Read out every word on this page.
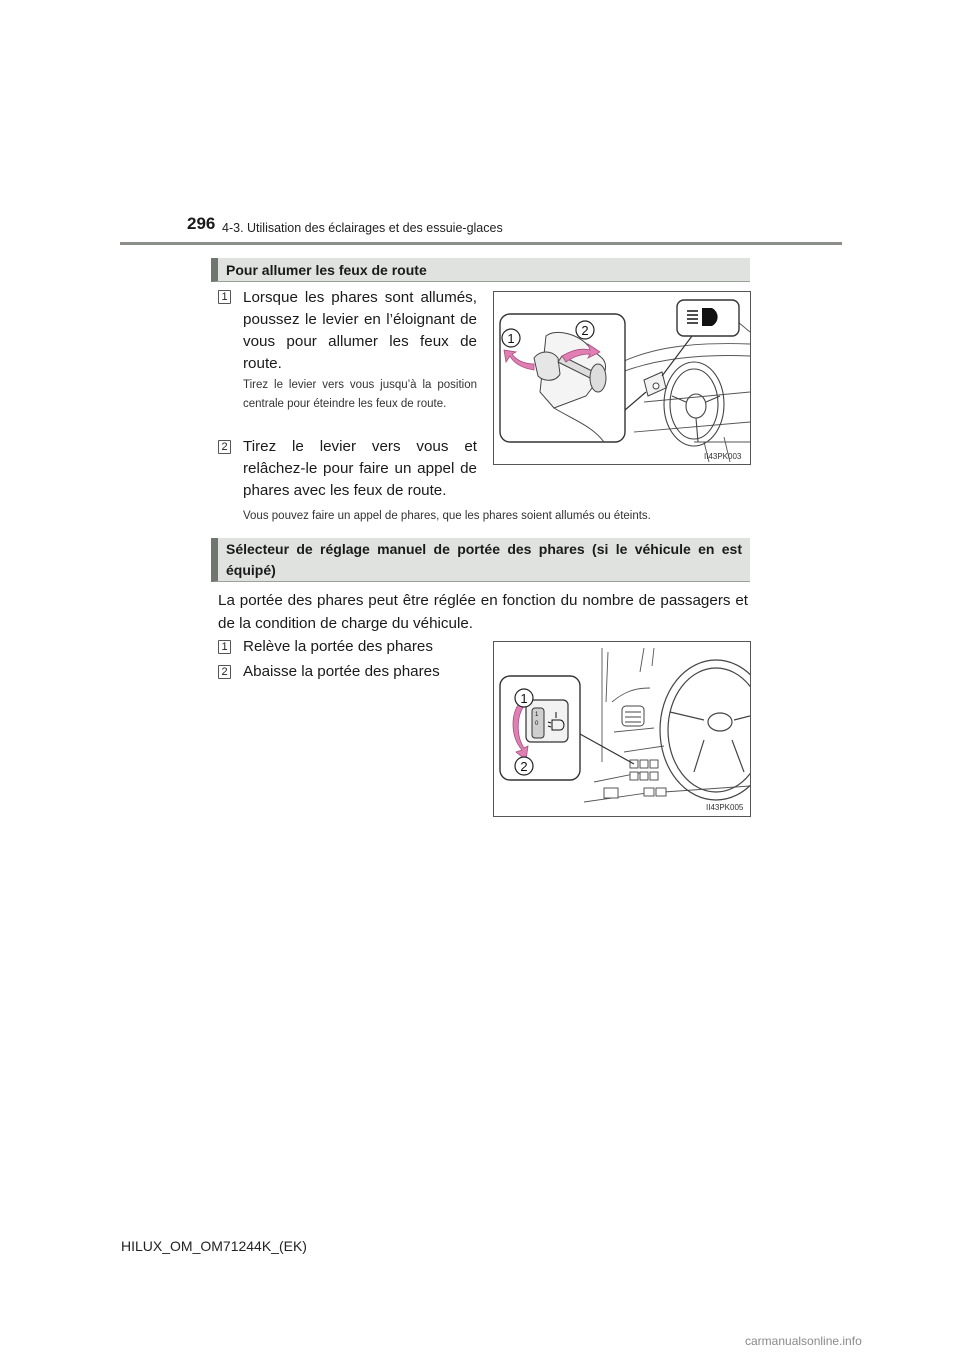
296 4-3. Utilisation des éclairages et des essuie-glaces
Pour allumer les feux de route
1 Lorsque les phares sont allumés, poussez le levier en l’éloignant de vous pour allumer les feux de route.
Tirez le levier vers vous jusqu’à la position centrale pour éteindre les feux de route.
2 Tirez le levier vers vous et relâchez-le pour faire un appel de phares avec les feux de route.
Vous pouvez faire un appel de phares, que les phares soient allumés ou éteints.
1
2
II43PK003
Sélecteur de réglage manuel de portée des phares (si le véhicule en est équipé)
La portée des phares peut être réglée en fonction du nombre de passagers et de la condition de charge du véhicule.
1 Relève la portée des phares
2 Abaisse la portée des phares
1
0
1
2
II43PK005
HILUX_OM_OM71244K_(EK)
carmanualsonline.info
